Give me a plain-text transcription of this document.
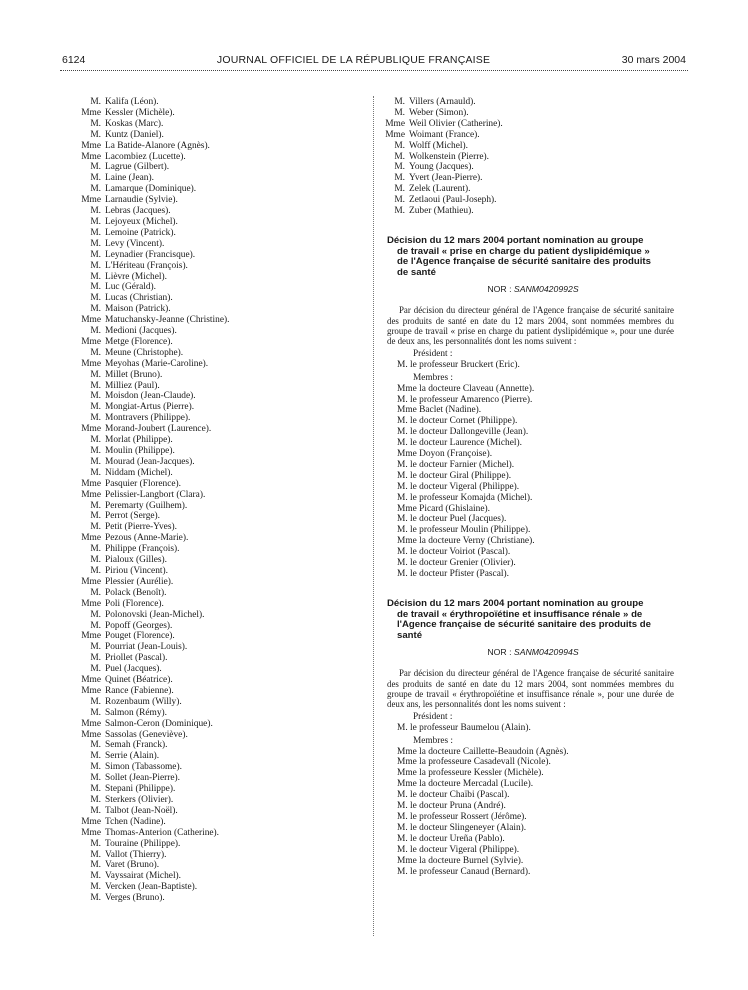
6124	JOURNAL OFFICIEL DE LA RÉPUBLIQUE FRANÇAISE	30 mars 2004
M. Kalifa (Léon).
Mme Kessler (Michèle).
M. Koskas (Marc).
M. Kuntz (Daniel).
Mme La Batide-Alanore (Agnès).
Mme Lacombiez (Lucette).
M. Lagrue (Gilbert).
M. Laine (Jean).
M. Lamarque (Dominique).
Mme Larnaudie (Sylvie).
M. Lebras (Jacques).
M. Lejoyeux (Michel).
M. Lemoine (Patrick).
M. Levy (Vincent).
M. Leynadier (Francisque).
M. L'Hériteau (François).
M. Lièvre (Michel).
M. Luc (Gérald).
M. Lucas (Christian).
M. Maison (Patrick).
Mme Matuchansky-Jeanne (Christine).
M. Medioni (Jacques).
Mme Metge (Florence).
M. Meune (Christophe).
Mme Meyohas (Marie-Caroline).
M. Millet (Bruno).
M. Milliez (Paul).
M. Moisdon (Jean-Claude).
M. Mongiat-Artus (Pierre).
M. Montravers (Philippe).
Mme Morand-Joubert (Laurence).
M. Morlat (Philippe).
M. Moulin (Philippe).
M. Mourad (Jean-Jacques).
M. Niddam (Michel).
Mme Pasquier (Florence).
Mme Pelissier-Langbort (Clara).
M. Peremarty (Guilhem).
M. Perrot (Serge).
M. Petit (Pierre-Yves).
Mme Pezous (Anne-Marie).
M. Philippe (François).
M. Pialoux (Gilles).
M. Piriou (Vincent).
Mme Plessier (Aurélie).
M. Polack (Benoît).
Mme Poli (Florence).
M. Polonovski (Jean-Michel).
M. Popoff (Georges).
Mme Pouget (Florence).
M. Pourriat (Jean-Louis).
M. Priollet (Pascal).
M. Puel (Jacques).
Mme Quinet (Béatrice).
Mme Rance (Fabienne).
M. Rozenbaum (Willy).
M. Salmon (Rémy).
Mme Salmon-Ceron (Dominique).
Mme Sassolas (Geneviève).
M. Semah (Franck).
M. Serrie (Alain).
M. Simon (Tabassome).
M. Sollet (Jean-Pierre).
M. Stepani (Philippe).
M. Sterkers (Olivier).
M. Talbot (Jean-Noël).
Mme Tchen (Nadine).
Mme Thomas-Anterion (Catherine).
M. Touraine (Philippe).
M. Vallot (Thierry).
M. Varet (Bruno).
M. Vayssairat (Michel).
M. Vercken (Jean-Baptiste).
M. Verges (Bruno).
M. Villers (Arnauld).
M. Weber (Simon).
Mme Weil Olivier (Catherine).
Mme Woimant (France).
M. Wolff (Michel).
M. Wolkenstein (Pierre).
M. Young (Jacques).
M. Yvert (Jean-Pierre).
M. Zelek (Laurent).
M. Zetlaoui (Paul-Joseph).
M. Zuber (Mathieu).
Décision du 12 mars 2004 portant nomination au groupe
de travail « prise en charge du patient dyslipidémique »
de l'Agence française de sécurité sanitaire des produits
de santé
NOR : SANM0420992S
Par décision du directeur général de l'Agence française de sécurité sanitaire des produits de santé en date du 12 mars 2004, sont nommées membres du groupe de travail « prise en charge du patient dyslipidémique », pour une durée de deux ans, les personnalités dont les noms suivent :
Président :
M. le professeur Bruckert (Eric).
Membres :
Mme la docteure Claveau (Annette).
M. le professeur Amarenco (Pierre).
Mme Baclet (Nadine).
M. le docteur Cornet (Philippe).
M. le docteur Dallongeville (Jean).
M. le docteur Laurence (Michel).
Mme Doyon (Françoise).
M. le docteur Farnier (Michel).
M. le docteur Giral (Philippe).
M. le docteur Vigeral (Philippe).
M. le professeur Komajda (Michel).
Mme Picard (Ghislaine).
M. le docteur Puel (Jacques).
M. le professeur Moulin (Philippe).
Mme la docteure Verny (Christiane).
M. le docteur Voiriot (Pascal).
M. le docteur Grenier (Olivier).
M. le docteur Pfister (Pascal).
Décision du 12 mars 2004 portant nomination au groupe
de travail « érythropoïétine et insuffisance rénale » de
l'Agence française de sécurité sanitaire des produits de
santé
NOR : SANM0420994S
Par décision du directeur général de l'Agence française de sécurité sanitaire des produits de santé en date du 12 mars 2004, sont nommées membres du groupe de travail « érythropoïétine et insuffisance rénale », pour une durée de deux ans, les personnalités dont les noms suivent :
Président :
M. le professeur Baumelou (Alain).
Membres :
Mme la docteure Caillette-Beaudoin (Agnès).
Mme la professeure Casadevall (Nicole).
Mme la professeure Kessler (Michèle).
Mme la docteure Mercadal (Lucile).
M. le docteur Chaïbi (Pascal).
M. le docteur Pruna (André).
M. le professeur Rossert (Jérôme).
M. le docteur Slingeneyer (Alain).
M. le docteur Ureña (Pablo).
M. le docteur Vigeral (Philippe).
Mme la docteure Burnel (Sylvie).
M. le professeur Canaud (Bernard).
